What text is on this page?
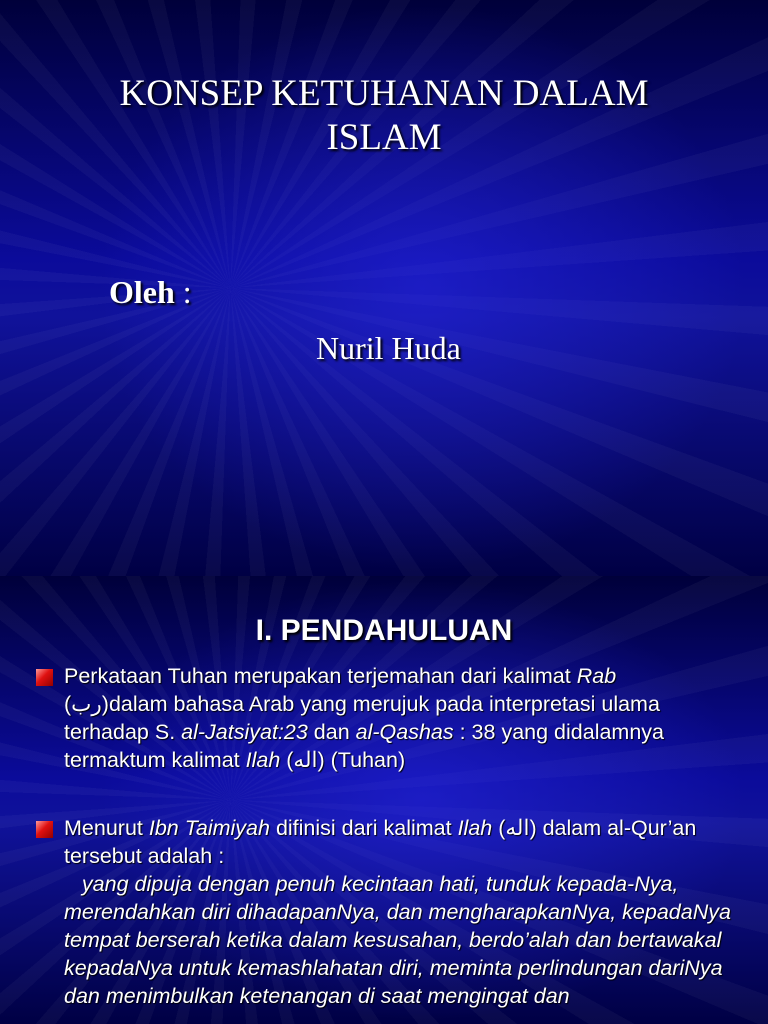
KONSEP KETUHANAN DALAM
ISLAM
Oleh :
Nuril Huda
I. PENDAHULUAN
Perkataan Tuhan merupakan terjemahan dari kalimat Rab
(رب)dalam bahasa Arab yang merujuk pada interpretasi ulama terhadap S. al-Jatsiyat:23 dan al-Qashas : 38 yang didalamnya termaktum kalimat Ilah (اله) (Tuhan)
Menurut Ibn Taimiyah difinisi dari kalimat Ilah (اله) dalam al-Qur’an tersebut adalah :
yang dipuja dengan penuh kecintaan hati, tunduk kepada-Nya, merendahkan diri dihadapanNya, dan mengharapkanNya, kepadaNya tempat berserah ketika dalam kesusahan, berdo’alah dan bertawakal kepadaNya untuk kemashlahatan diri, meminta perlindungan dariNya dan menimbulkan ketenangan di saat mengingat dan
